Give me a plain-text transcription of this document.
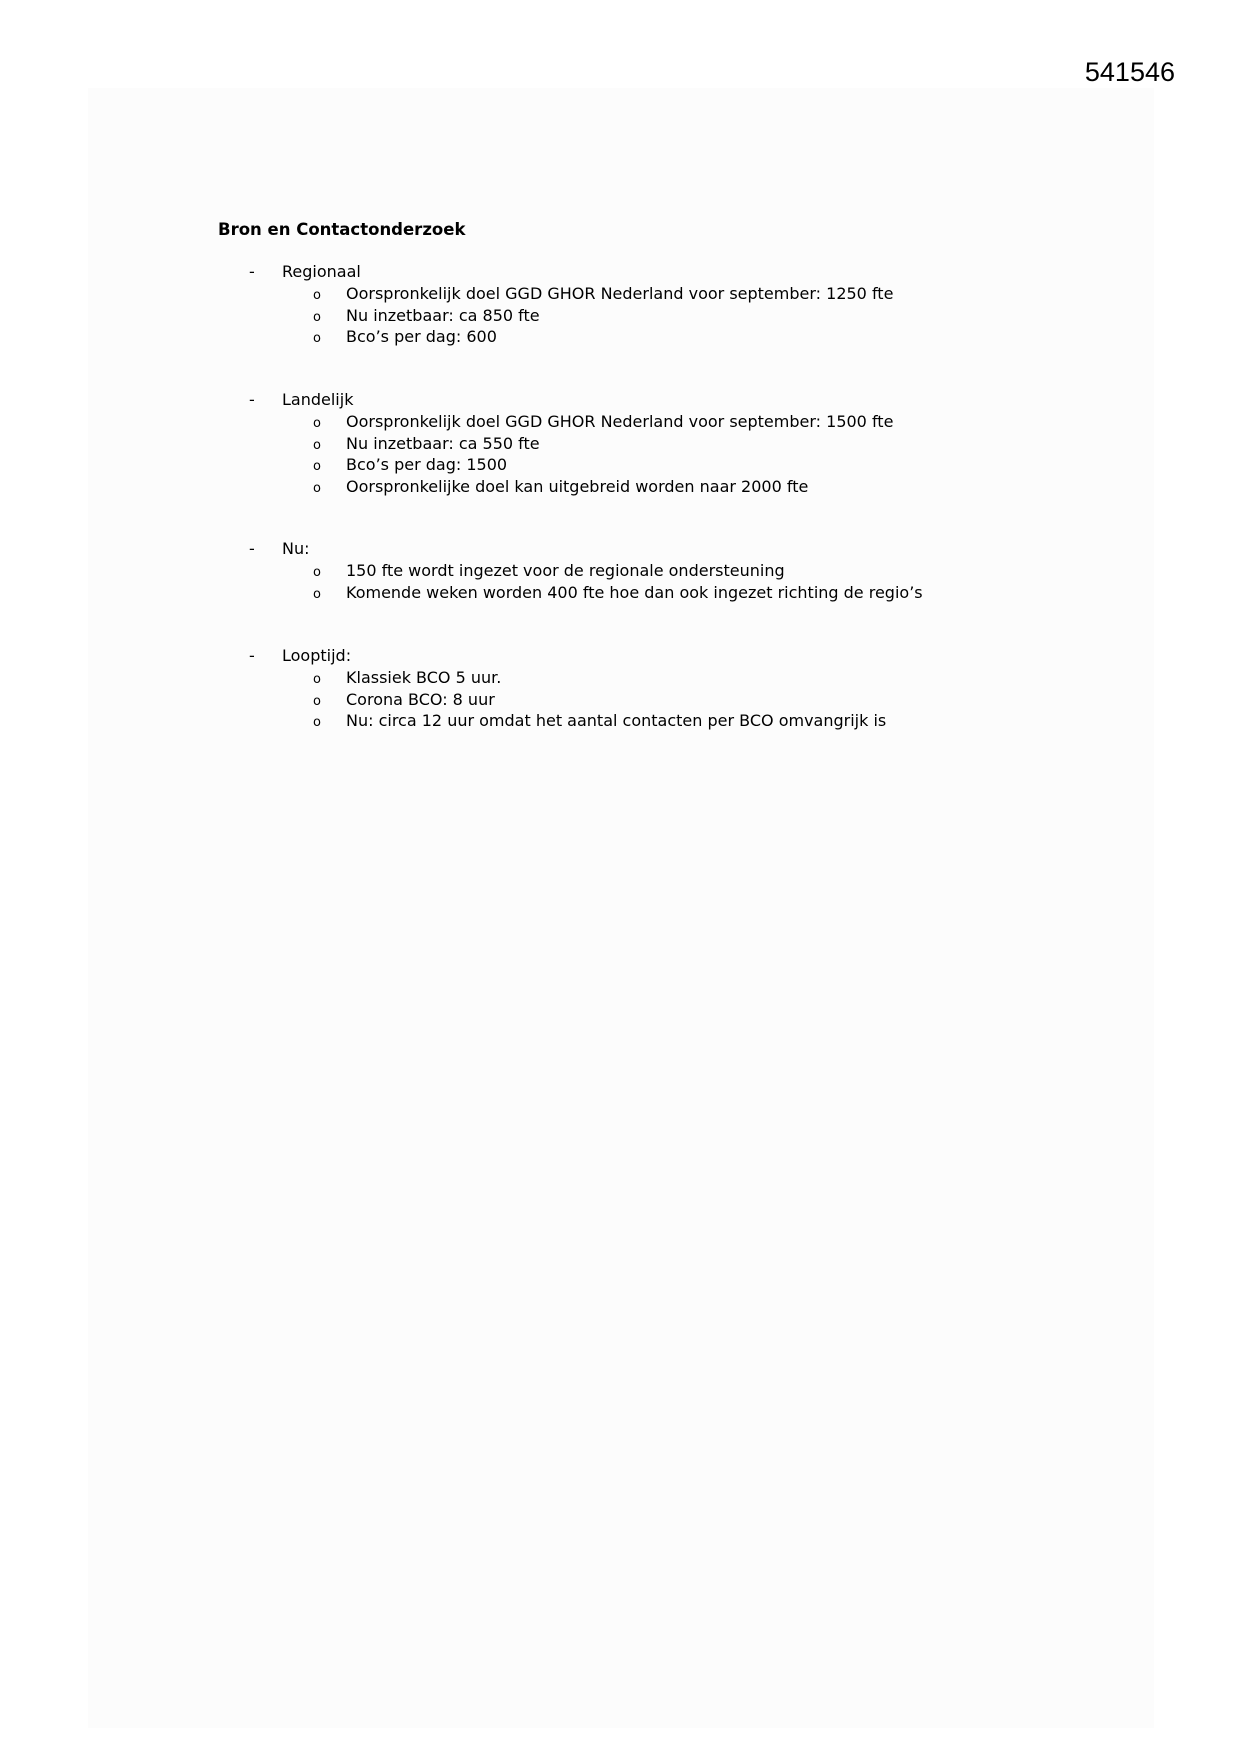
541546
Bron en Contactonderzoek
- Regionaal
o Oorspronkelijk doel GGD GHOR Nederland voor september: 1250 fte
o Nu inzetbaar: ca 850 fte
o Bco’s per dag: 600
- Landelijk
o Oorspronkelijk doel GGD GHOR Nederland voor september: 1500 fte
o Nu inzetbaar: ca 550 fte
o Bco’s per dag: 1500
o Oorspronkelijke doel kan uitgebreid worden naar 2000 fte
- Nu:
o 150 fte wordt ingezet voor de regionale ondersteuning
o Komende weken worden 400 fte hoe dan ook ingezet richting de regio’s
- Looptijd:
o Klassiek BCO 5 uur.
o Corona BCO: 8 uur
o Nu: circa 12 uur omdat het aantal contacten per BCO omvangrijk is
